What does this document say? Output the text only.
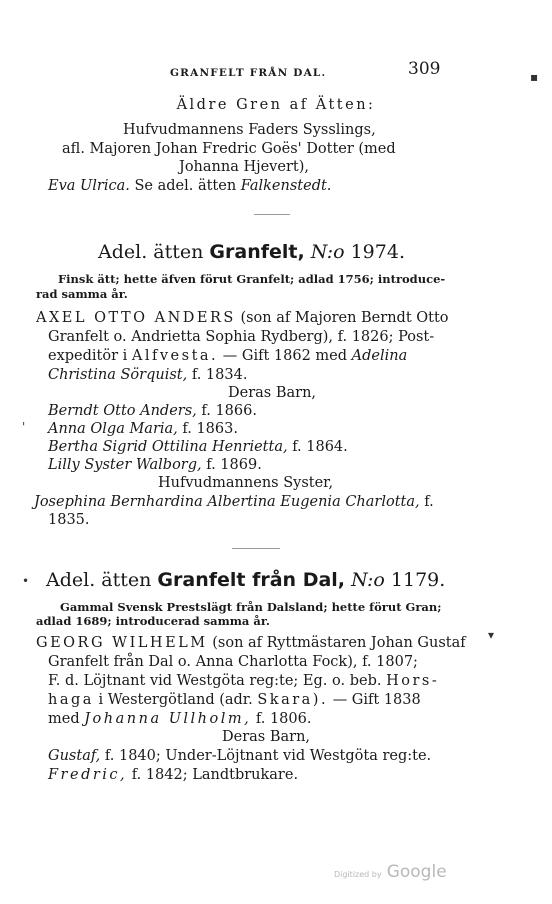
GRANFELT FRÅN DAL.	309	▪
Äldre Gren af Ätten:
Hufvudmannens Faders Sysslings,
afl. Majoren Johan Fredric Goës' Dotter (med
Johanna Hjevert),
Eva Ulrica. Se adel. ätten Falkenstedt.
Adel. ätten Granfelt, N:o 1974.
Finsk ätt; hette äfven förut Granfelt; adlad 1756; introduce-
rad samma år.
AXEL OTTO ANDERS (son af Majoren Berndt Otto
Granfelt o. Andrietta Sophia Rydberg), f. 1826; Post-
expeditör i Alfvesta. — Gift 1862 med Adelina
Christina Sörquist, f. 1834.
Deras Barn,
Berndt Otto Anders, f. 1866.
' Anna Olga Maria, f. 1863.
Bertha Sigrid Ottilina Henrietta, f. 1864.
Lilly Syster Walborg, f. 1869.
Hufvudmannens Syster,
Josephina Bernhardina Albertina Eugenia Charlotta, f.
1835.
• Adel. ätten Granfelt från Dal, N:o 1179.
Gammal Svensk Prestslägt från Dalsland; hette förut Gran;
adlad 1689; introducerad samma år.
▾
GEORG WILHELM (son af Ryttmästaren Johan Gustaf
Granfelt från Dal o. Anna Charlotta Fock), f. 1807;
F. d. Löjtnant vid Westgöta reg:te; Eg. o. beb. Hors-
haga i Westergötland (adr. Skara). — Gift 1838
med Johanna Ullholm, f. 1806.
Deras Barn,
Gustaf, f. 1840; Under-Löjtnant vid Westgöta reg:te.
Fredric, f. 1842; Landtbrukare.
Digitized by Google
